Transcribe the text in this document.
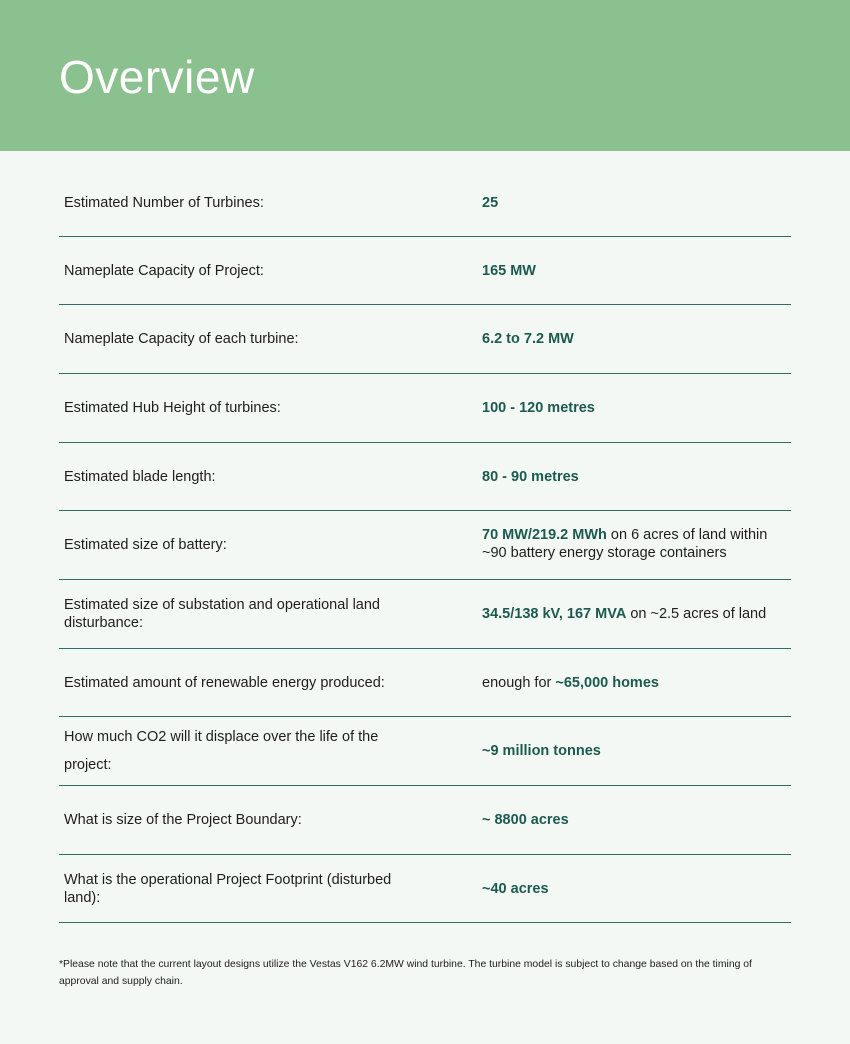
Overview
Estimated Number of Turbines:	25
Nameplate Capacity of Project:	165 MW
Nameplate Capacity of each turbine:	6.2 to 7.2 MW
Estimated Hub Height of turbines:	100 - 120 metres
Estimated blade length:	80 - 90 metres
Estimated size of battery:
70 MW/219.2 MWh on 6 acres of land within ~90 battery energy storage containers
Estimated size of substation and operational land disturbance:
34.5/138 kV, 167 MVA on ~2.5 acres of land
Estimated amount of renewable energy produced:	enough for ~65,000 homes
How much CO2 will it displace over the life of the project:
~9 million tonnes
What is size of the Project Boundary:	~ 8800 acres
What is the operational Project Footprint (disturbed land):
~40 acres

*Please note that the current layout designs utilize the Vestas V162 6.2MW wind turbine. The turbine model is subject to change based on the timing of approval and supply chain.
